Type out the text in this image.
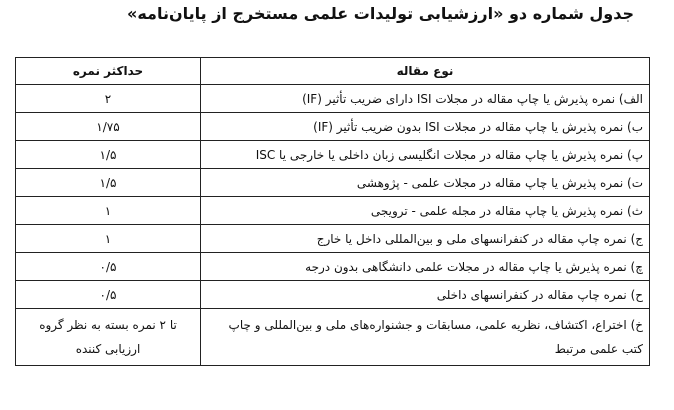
جدول شماره دو «ارزشیابی تولیدات علمی مستخرج از پایان‌نامه»
نوع مقاله	حداکثر نمره
الف) نمره پذیرش یا چاپ مقاله در مجلات ISI دارای ضریب تأثیر (IF)	۲
ب) نمره پذیرش یا چاپ مقاله در مجلات ISI بدون ضریب تأثیر (IF)	۱/۷۵
پ) نمره پذیرش یا چاپ مقاله در مجلات انگلیسی زبان داخلی یا خارجی یا ISC	۱/۵
ت) نمره پذیرش یا چاپ مقاله در مجلات علمی - پژوهشی	۱/۵
ث) نمره پذیرش یا چاپ مقاله در مجله علمی - ترویجی	۱
ج) نمره چاپ مقاله در کنفرانسهای ملی و بین‌المللی داخل یا خارج	۱
چ) نمره پذیرش یا چاپ مقاله در مجلات علمی دانشگاهی بدون درجه	۰/۵
ح) نمره چاپ مقاله در کنفرانسهای داخلی	۰/۵
خ) اختراع، اکتشاف، نظریه علمی، مسابقات و جشنواره‌های ملی و بین‌المللی و چاپ کتب علمی مرتبط	تا ۲ نمره بسته به نظر گروه ارزیابی کننده
